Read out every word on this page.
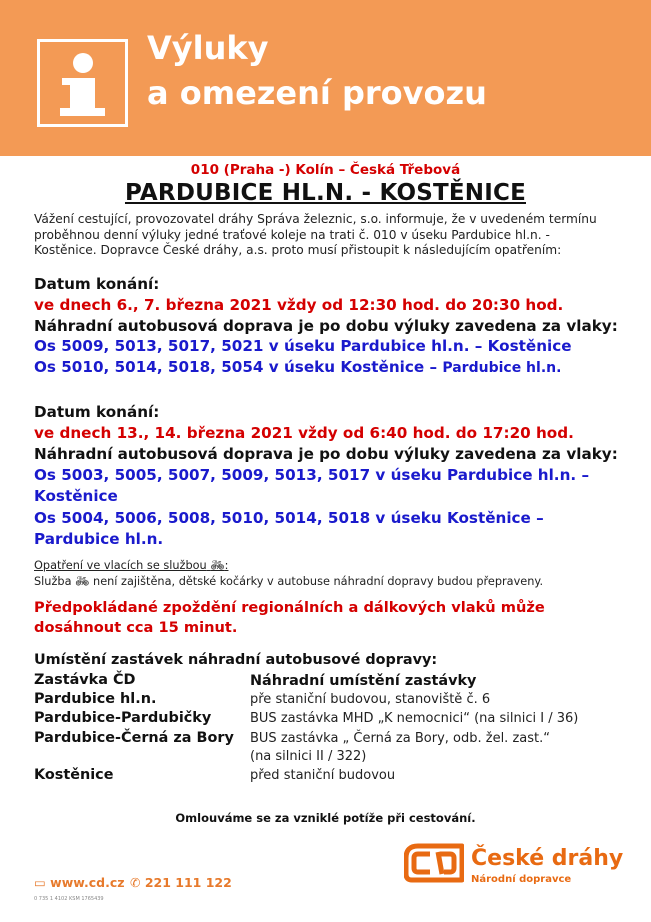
Výluky
a omezení provozu
010 (Praha -) Kolín – Česká Třebová
PARDUBICE HL.N. - KOSTĚNICE
Vážení cestující, provozovatel dráhy Správa železnic, s.o. informuje, že v uvedeném termínu proběhnou denní výluky jedné traťové koleje na trati č. 010 v úseku Pardubice hl.n. - Kostěnice. Dopravce České dráhy, a.s. proto musí přistoupit k následujícím opatřením:
Datum konání:
ve dnech 6., 7. března 2021 vždy od 12:30 hod. do 20:30 hod.
Náhradní autobusová doprava je po dobu výluky zavedena za vlaky:
Os 5009, 5013, 5017, 5021 v úseku Pardubice hl.n. – Kostěnice
Os 5010, 5014, 5018, 5054 v úseku Kostěnice – Pardubice hl.n.
Datum konání:
ve dnech 13., 14. března 2021 vždy od 6:40 hod. do 17:20 hod.
Náhradní autobusová doprava je po dobu výluky zavedena za vlaky:
Os 5003, 5005, 5007, 5009, 5013, 5017 v úseku Pardubice hl.n. –
Kostěnice
Os 5004, 5006, 5008, 5010, 5014, 5018 v úseku Kostěnice –
Pardubice hl.n.
Opatření ve vlacích se službou 🚲︎:
Služba 🚲︎ není zajištěna, dětské kočárky v autobuse náhradní dopravy budou přepraveny.
Předpokládané zpoždění regionálních a dálkových vlaků může dosáhnout cca 15 minut.
Umístění zastávek náhradní autobusové dopravy:
Zastávka ČD	Náhradní umístění zastávky
Pardubice hl.n.	pře staniční budovou, stanoviště č. 6
Pardubice-Pardubičky	BUS zastávka MHD „K nemocnici“ (na silnici I / 36)
Pardubice-Černá za Bory BUS zastávka „ Černá za Bory, odb. žel. zast.“
(na silnici II / 322)
Kostěnice	před staniční budovou
Omlouváme se za vzniklé potíže při cestování.
▭ www.cd.cz ✆ 221 111 122
0 735 1 4102 KSM 1765439
České dráhy
Národní dopravce
